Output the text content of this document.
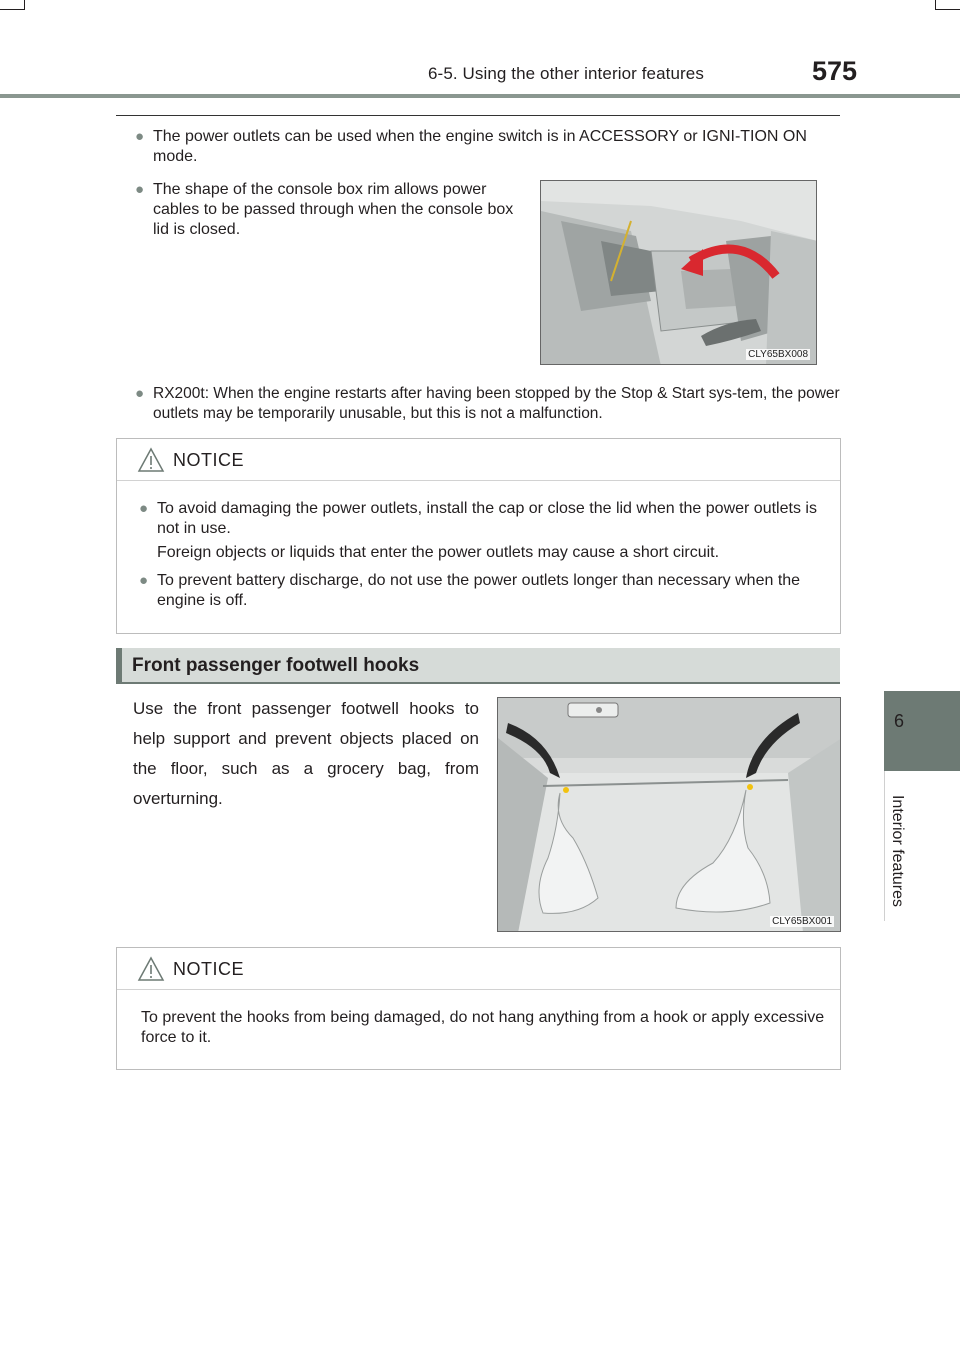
6-5. Using the other interior features	575
6
Interior features
● The power outlets can be used when the engine switch is in ACCESSORY or IGNI-TION ON mode.
● The shape of the console box rim allows power cables to be passed through when the console box lid is closed.
CLY65BX008
● RX200t: When the engine restarts after having been stopped by the Stop & Start sys-tem, the power outlets may be temporarily unusable, but this is not a malfunction.
NOTICE
● To avoid damaging the power outlets, install the cap or close the lid when the power outlets is not in use.
Foreign objects or liquids that enter the power outlets may cause a short circuit.
● To prevent battery discharge, do not use the power outlets longer than necessary when the engine is off.
Front passenger footwell hooks
Use the front passenger footwell hooks to help support and prevent objects placed on the floor, such as a grocery bag, from overturning.
CLY65BX001
NOTICE
To prevent the hooks from being damaged, do not hang anything from a hook or apply excessive force to it.
